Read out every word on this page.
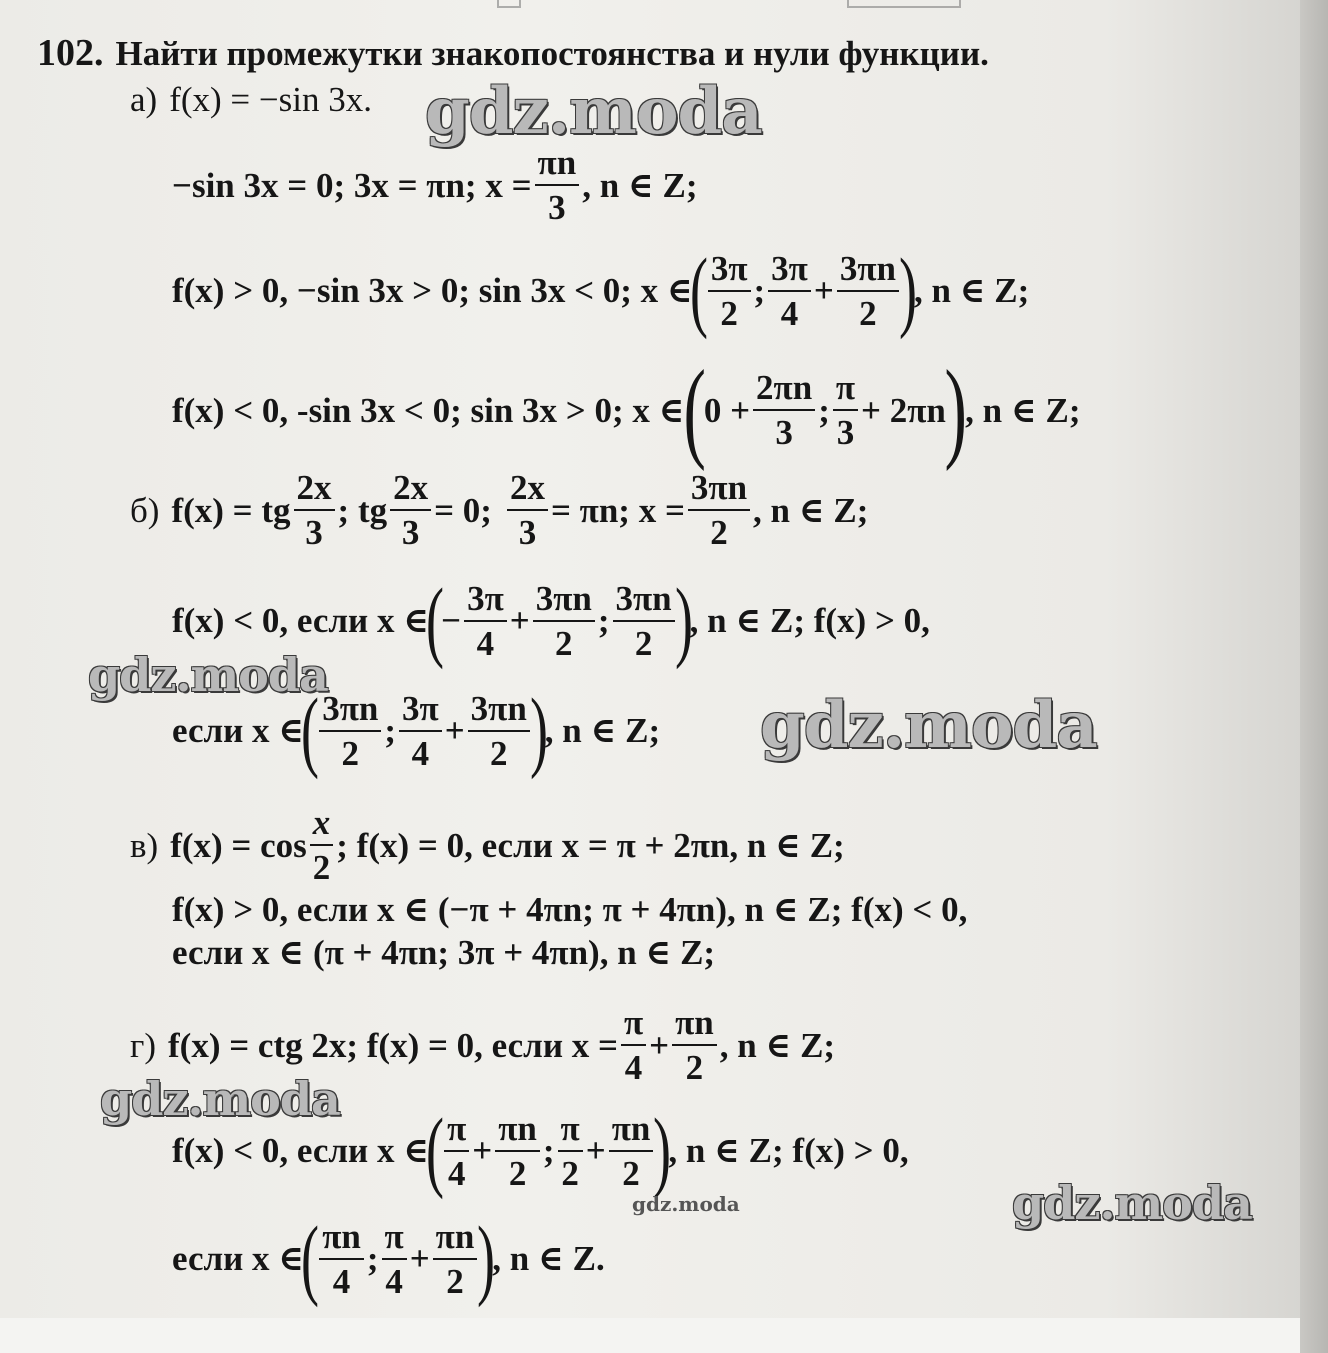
102. Найти промежутки знакопостоянства и нули функции.
а) f(x) = −sin 3x.
−sin 3x = 0; 3x = πn; $x = \frac{\pi n}{3}$ , n ∈ Z;
f(x) > 0, −sin 3x > 0; sin 3x < 0; x ∈
( $\frac{3\pi}{2}$ ; $\frac{3\pi}{4} + \frac{3\pi n}{2}$ )
, n ∈ Z;
f(x) < 0, -sin 3x < 0; sin 3x > 0; x ∈
(
$0 + \frac{2\pi n}{3}$ ; $\frac{\pi}{3} + 2\pi n$
)
, n ∈ Z;
б) f(x) = tg $\frac{2x}{3}$ ; tg $\frac{2x}{3} = 0$; $\frac{2x}{3} = \pi n$; $x = \frac{3\pi n}{2}$ , n ∈ Z;
f(x) < 0, если x ∈
(
− $\frac{3\pi}{4} + \frac{3\pi n}{2}$ ; $\frac{3\pi n}{2}$ )
, n ∈ Z; f(x) > 0,
если x ∈
( $\frac{3\pi n}{2}$ ; $\frac{3\pi}{4} + \frac{3\pi n}{2}$ )
, n ∈ Z;
в) $f(x) = \cos \frac{x}{2}$ ; f(x) = 0, если x = π + 2πn, n ∈ Z;
f(x) > 0, если x ∈ (−π + 4πn; π + 4πn), n ∈ Z; f(x) < 0,
если x ∈ (π + 4πn; 3π + 4πn), n ∈ Z;
г) f(x) = ctg 2x; f(x) = 0, если $x = \frac{\pi}{4} + \frac{\pi n}{2}$ , n ∈ Z;
f(x) < 0, если x ∈
( $\frac{\pi}{4} + \frac{\pi n}{2}$ ; $\frac{\pi}{2} + \frac{\pi n}{2}$ )
, n ∈ Z; f(x) > 0,
если x ∈
( $\frac{\pi n}{4}$ ; $\frac{\pi}{4} + \frac{\pi n}{2}$ )
, n ∈ Z.
gdz.moda
gdz.moda
gdz.moda
gdz.moda
gdz.moda
gdz.moda
